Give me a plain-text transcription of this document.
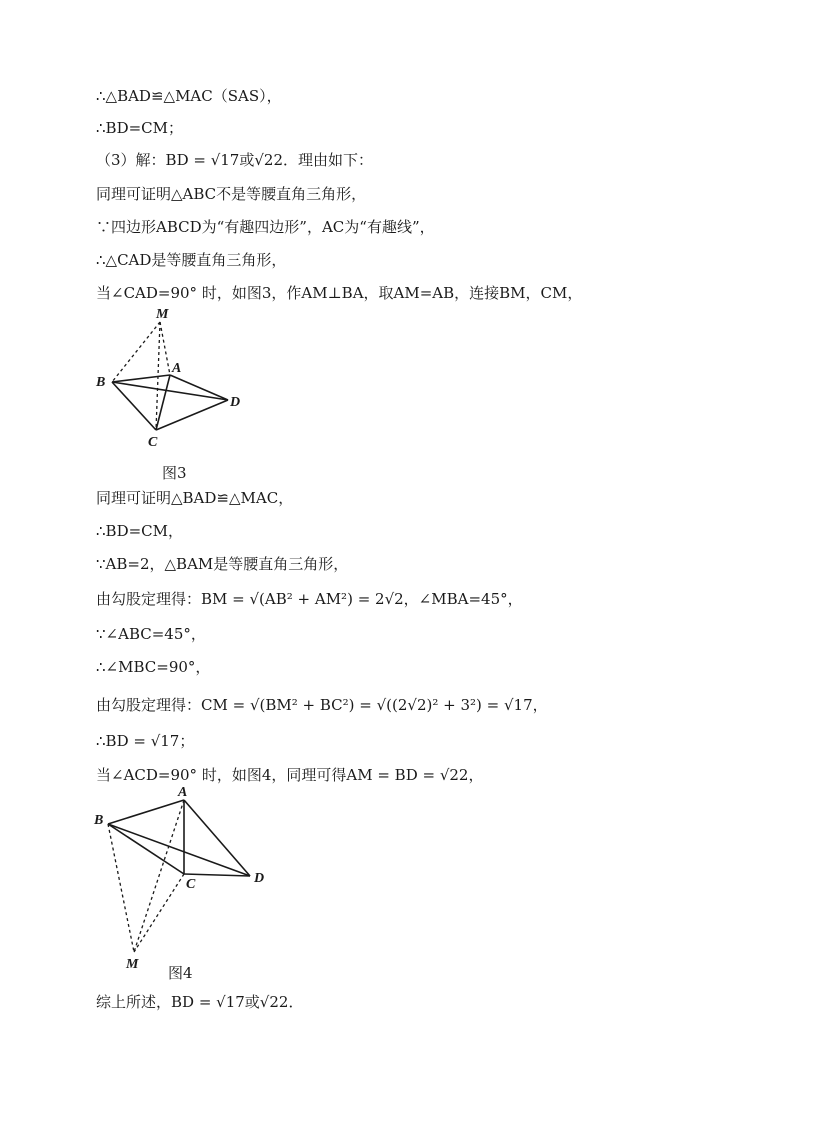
∴△BAD≌△MAC（SAS），
∴BD=CM；
（3）解：BD = √17或√22．理由如下：
同理可证明△ABC不是等腰直角三角形，
∵四边形ABCD为“有趣四边形”，AC为“有趣线”，
∴△CAD是等腰直角三角形，
当∠CAD=90° 时，如图3，作AM⊥BA，取AM=AB，连接BM，CM，
M
A
B
C
D
图3
同理可证明△BAD≌△MAC，
∴BD=CM，
∵AB=2，△BAM是等腰直角三角形，
由勾股定理得：BM = √(AB² + AM²) = 2√2，∠MBA=45°，
∵∠ABC=45°，
∴∠MBC=90°，
由勾股定理得：CM = √(BM² + BC²) = √((2√2)² + 3²) = √17，
∴BD = √17；
当∠ACD=90° 时，如图4，同理可得AM = BD = √22，
A
B
C	D
M 图4
综上所述，BD = √17或√22．
